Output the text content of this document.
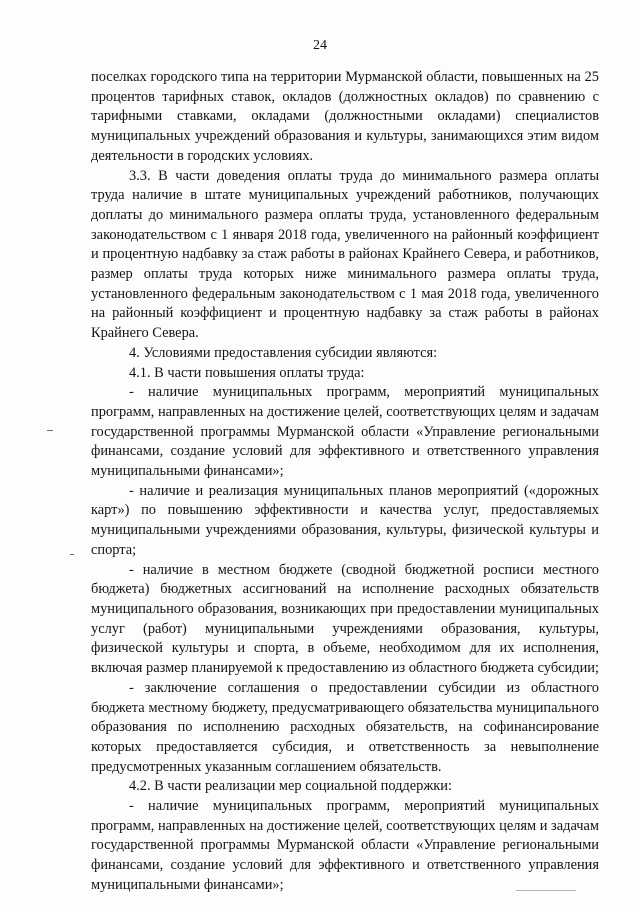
24

поселках городского типа на территории Мурманской области, повышенных на 25 процентов тарифных ставок, окладов (должностных окладов) по сравнению с тарифными ставками, окладами (должностными окладами) специалистов муниципальных учреждений образования и культуры, занимающихся этим видом деятельности в городских условиях.

3.3. В части доведения оплаты труда до минимального размера оплаты труда наличие в штате муниципальных учреждений работников, получающих доплаты до минимального размера оплаты труда, установленного федеральным законодательством с 1 января 2018 года, увеличенного на районный коэффициент и процентную надбавку за стаж работы в районах Крайнего Севера, и работников, размер оплаты труда которых ниже минимального размера оплаты труда, установленного федеральным законодательством с 1 мая 2018 года, увеличенного на районный коэффициент и процентную надбавку за стаж работы в районах Крайнего Севера.

4. Условиями предоставления субсидии являются:

4.1. В части повышения оплаты труда:

- наличие муниципальных программ, мероприятий муниципальных программ, направленных на достижение целей, соответствующих целям и задачам государственной программы Мурманской области «Управление региональными финансами, создание условий для эффективного и ответственного управления муниципальными финансами»;

- наличие и реализация муниципальных планов мероприятий («дорожных карт») по повышению эффективности и качества услуг, предоставляемых муниципальными учреждениями образования, культуры, физической культуры и спорта;

- наличие в местном бюджете (сводной бюджетной росписи местного бюджета) бюджетных ассигнований на исполнение расходных обязательств муниципального образования, возникающих при предоставлении муниципальных услуг (работ) муниципальными учреждениями образования, культуры, физической культуры и спорта, в объеме, необходимом для их исполнения, включая размер планируемой к предоставлению из областного бюджета субсидии;

- заключение соглашения о предоставлении субсидии из областного бюджета местному бюджету, предусматривающего обязательства муниципального образования по исполнению расходных обязательств, на софинансирование которых предоставляется субсидия, и ответственность за невыполнение предусмотренных указанным соглашением обязательств.

4.2. В части реализации мер социальной поддержки:

- наличие муниципальных программ, мероприятий муниципальных программ, направленных на достижение целей, соответствующих целям и задачам государственной программы Мурманской области «Управление региональными финансами, создание условий для эффективного и ответственного управления муниципальными финансами»;
